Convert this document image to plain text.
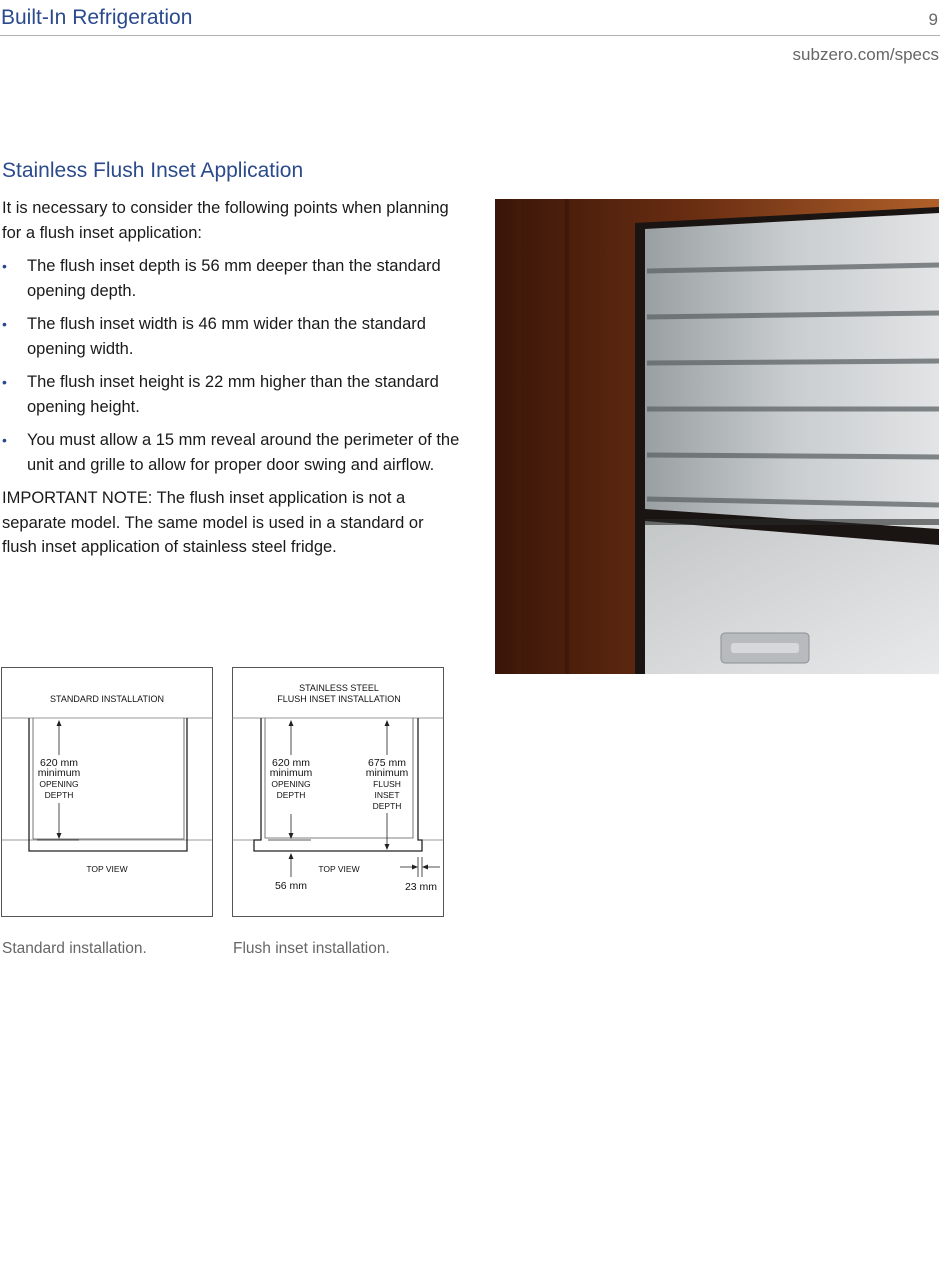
Built-In Refrigeration	9
subzero.com/specs
Stainless Flush Inset Application

It is necessary to consider the following points when planning for a flush inset application:

• The flush inset depth is 56 mm deeper than the standard opening depth.
• The flush inset width is 46 mm wider than the standard opening width.
• The flush inset height is 22 mm higher than the standard opening height.
• You must allow a 15 mm reveal around the perimeter of the unit and grille to allow for proper door swing and airflow.

IMPORTANT NOTE: The flush inset application is not a separate model. The same model is used in a standard or flush inset application of stainless steel fridge.

STANDARD INSTALLATION
620 mm
minimum
OPENING
DEPTH
TOP VIEW
STAINLESS STEEL
FLUSH INSET INSTALLATION
620 mm
minimum
OPENING
DEPTH
675 mm
minimum
FLUSH
INSET
DEPTH
TOP VIEW
56 mm	23 mm
Standard installation.	Flush inset installation.
